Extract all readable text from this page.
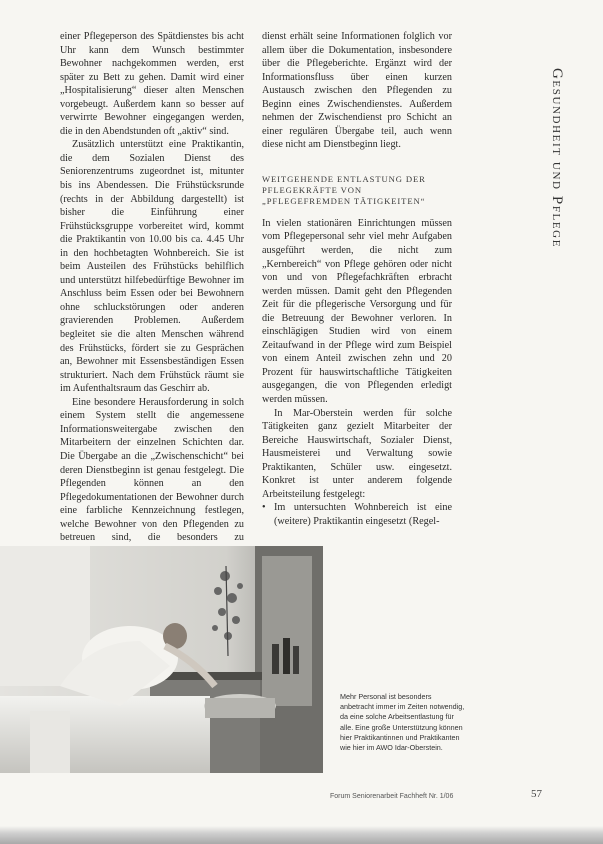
einer Pflegeperson des Spätdienstes bis acht Uhr kann dem Wunsch bestimmter Bewohner nachgekommen werden, erst später zu Bett zu gehen. Damit wird einer „Hospitalisierung“ dieser alten Menschen vorgebeugt. Außerdem kann so besser auf verwirrte Bewohner eingegangen werden, die in den Abendstunden oft „aktiv“ sind.

Zusätzlich unterstützt eine Praktikantin, die dem Sozialen Dienst des Seniorenzentrums zugeordnet ist, mitunter bis ins Abendessen. Die Frühstücksrunde (rechts in der Abbildung dargestellt) ist bisher die Einführung einer Frühstücksgruppe vorbereitet wird, kommt die Praktikantin von 10.00 bis ca. 4.45 Uhr in den hochbetagten Wohnbereich. Sie ist beim Austeilen des Frühstücks behilflich und unterstützt hilfebedürftige Bewohner im Anschluss beim Essen oder bei Bewohnern ohne schluckstörungen oder anderen gravierenden Problemen. Außerdem begleitet sie die alten Menschen während des Frühstücks, fördert sie zu Gesprächen an, Bewohner mit Essensbeständigen Essen strukturiert. Nach dem Frühstück räumt sie im Aufenthaltsraum das Geschirr ab.

Eine besondere Herausforderung in solch einem System stellt die angemessene Informationsweitergabe zwischen den Mitarbeitern der einzelnen Schichten dar. Die Übergabe an die „Zwischenschicht“ bei deren Dienstbeginn ist genau festgelegt. Die Pflegenden können an den Pflegedokumentationen der Bewohner durch eine farbliche Kennzeichnung festlegen, welche Bewohner von den Pflegenden zu betreuen sind, die besonders zu

dienst erhält seine Informationen folglich vor allem über die Dokumentation, insbesondere über die Pflegeberichte. Ergänzt wird der Informationsfluss über einen kurzen Austausch zwischen den Pflegenden zu Beginn eines Zwischendienstes. Außerdem nehmen der Zwischendienst pro Schicht an einer regulären Übergabe teil, auch wenn diese nicht am Dienstbeginn liegt.

WEITGEHENDE ENTLASTUNG DER PFLEGEKRÄFTE VON „PFLEGEFREMDEN TÄTIGKEITEN“

In vielen stationären Einrichtungen müssen vom Pflegepersonal sehr viel mehr Aufgaben ausgeführt werden, die nicht zum „Kernbereich“ von Pflege gehören oder nicht von und von Pflegefachkräften erbracht werden müssen. Damit geht den Pflegenden Zeit für die pflegerische Versorgung und für die Betreuung der Bewohner verloren. In einschlägigen Studien wird von einem Zeitaufwand in der Pflege wird zum Beispiel von einem Anteil zwischen zehn und 20 Prozent für hauswirtschaftliche Tätigkeiten ausgegangen, die von Pflegenden erledigt werden müssen.

In Mar-Oberstein werden für solche Tätigkeiten ganz gezielt Mitarbeiter der Bereiche Hauswirtschaft, Sozialer Dienst, Hausmeisterei und Verwaltung sowie Praktikanten, Schüler usw. eingesetzt. Konkret ist unter anderem folgende Arbeitsteilung festgelegt:

• Im untersuchten Wohnbereich ist eine (weitere) Praktikantin eingesetzt (Regel-
Gesundheit und Pflege
Mehr Personal ist besonders anbetracht immer im Zeiten notwendig, da eine solche Arbeitsentlastung für alle. Eine große Unterstützung können hier Praktikantinnen und Praktikanten wie hier im AWO Idar-Oberstein.
Forum Seniorenarbeit Fachheft Nr. 1/06	57
